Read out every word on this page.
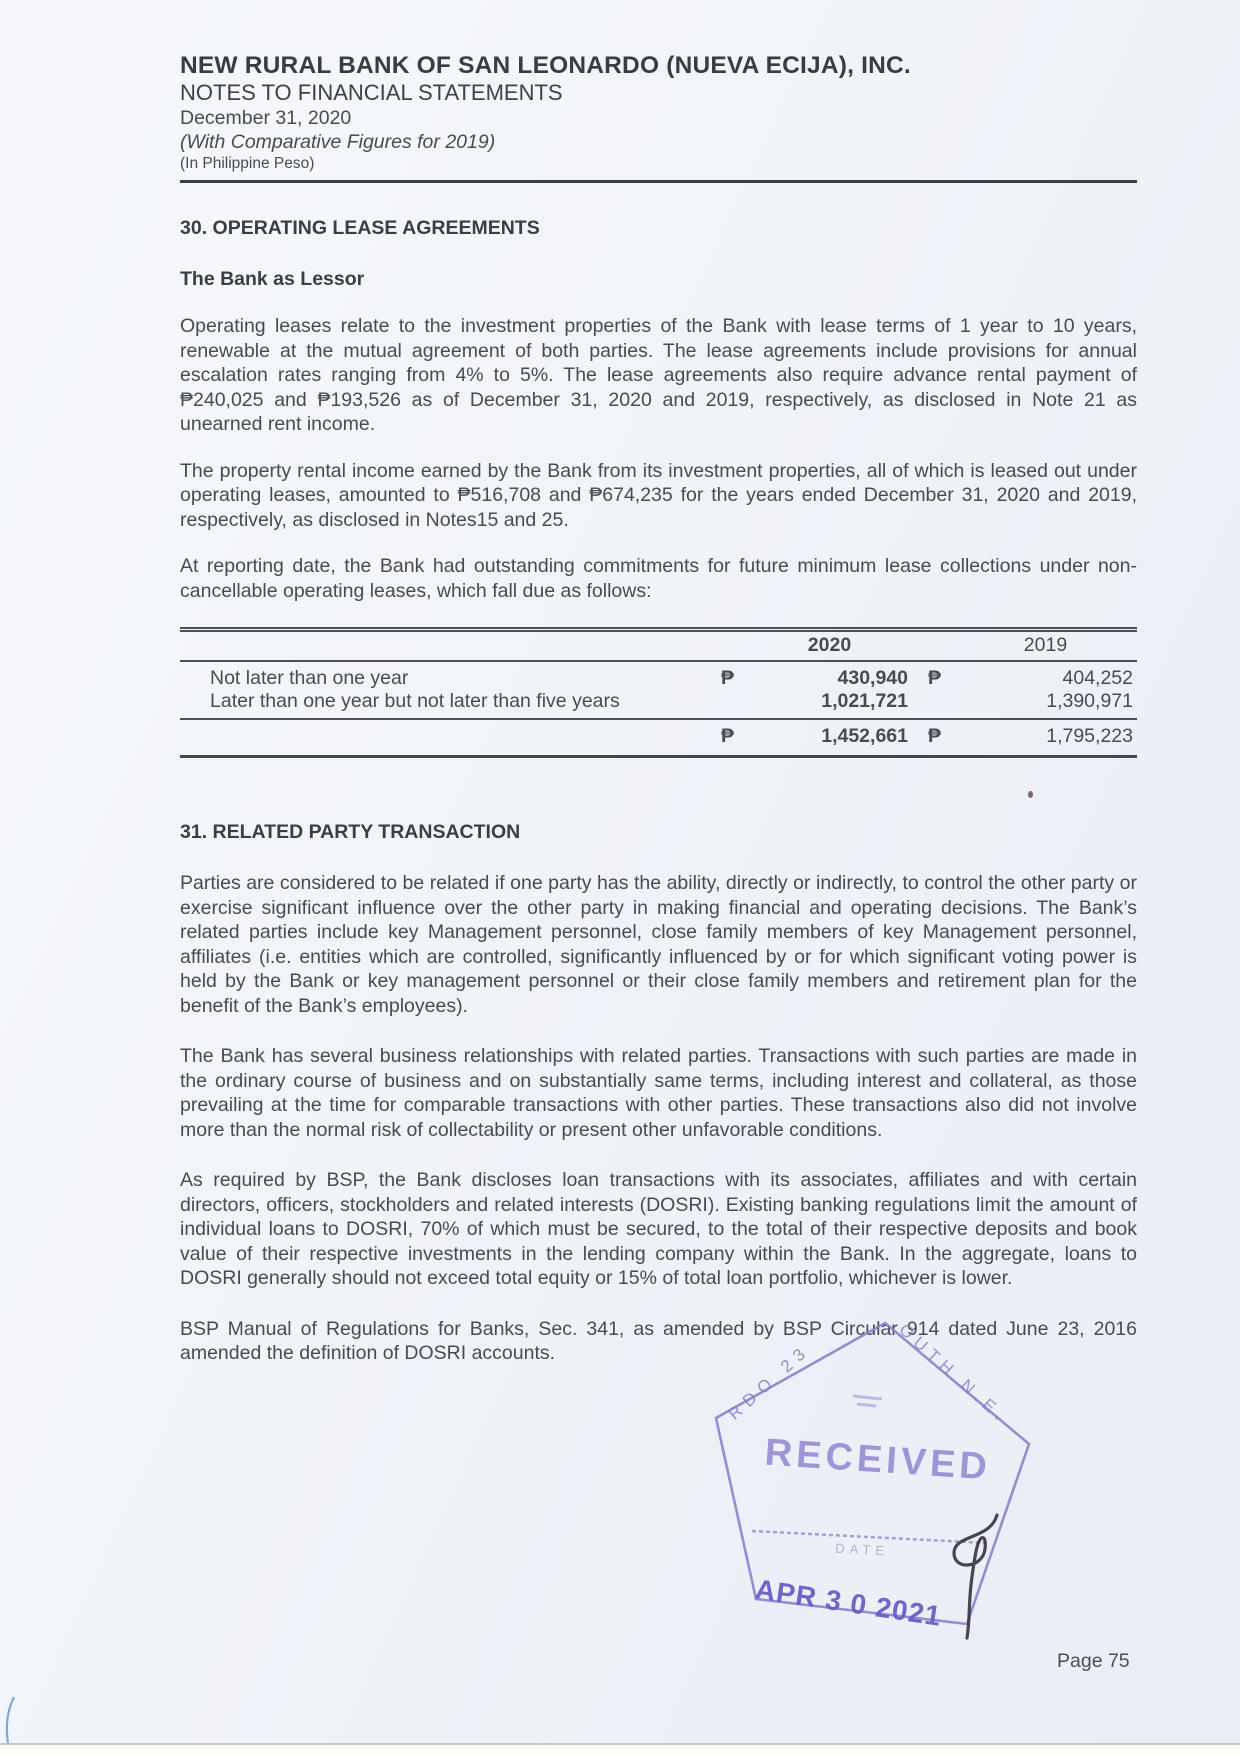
NEW RURAL BANK OF SAN LEONARDO (NUEVA ECIJA), INC.
NOTES TO FINANCIAL STATEMENTS
December 31, 2020
(With Comparative Figures for 2019)
(In Philippine Peso)
30. OPERATING LEASE AGREEMENTS
The Bank as Lessor

Operating leases relate to the investment properties of the Bank with lease terms of 1 year to 10 years, renewable at the mutual agreement of both parties. The lease agreements include provisions for annual escalation rates ranging from 4% to 5%. The lease agreements also require advance rental payment of ₱240,025 and ₱193,526 as of December 31, 2020 and 2019, respectively, as disclosed in Note 21 as unearned rent income.

The property rental income earned by the Bank from its investment properties, all of which is leased out under operating leases, amounted to ₱516,708 and ₱674,235 for the years ended December 31, 2020 and 2019, respectively, as disclosed in Notes15 and 25.

At reporting date, the Bank had outstanding commitments for future minimum lease collections under non-cancellable operating leases, which fall due as follows:

2020	2019
Not later than one year	₱	430,940 ₱	404,252
Later than one year but not later than five years	1,021,721	1,390,971
₱	1,452,661 ₱	1,795,223
31. RELATED PARTY TRANSACTION

Parties are considered to be related if one party has the ability, directly or indirectly, to control the other party or exercise significant influence over the other party in making financial and operating decisions. The Bank’s related parties include key Management personnel, close family members of key Management personnel, affiliates (i.e. entities which are controlled, significantly influenced by or for which significant voting power is held by the Bank or key management personnel or their close family members and retirement plan for the benefit of the Bank’s employees).

The Bank has several business relationships with related parties. Transactions with such parties are made in the ordinary course of business and on substantially same terms, including interest and collateral, as those prevailing at the time for comparable transactions with other parties. These transactions also did not involve more than the normal risk of collectability or present other unfavorable conditions.

As required by BSP, the Bank discloses loan transactions with its associates, affiliates and with certain directors, officers, stockholders and related interests (DOSRI). Existing banking regulations limit the amount of individual loans to DOSRI, 70% of which must be secured, to the total of their respective deposits and book value of their respective investments in the lending company within the Bank. In the aggregate, loans to DOSRI generally should not exceed total equity or 15% of total loan portfolio, whichever is lower.

BSP Manual of Regulations for Banks, Sec. 341, as amended by BSP Circular 914 dated June 23, 2016 amended the definition of DOSRI accounts.	RDO 23	OUTH N.E.
RECEIVED
DATE
APR 3 0 2021
Page 75
